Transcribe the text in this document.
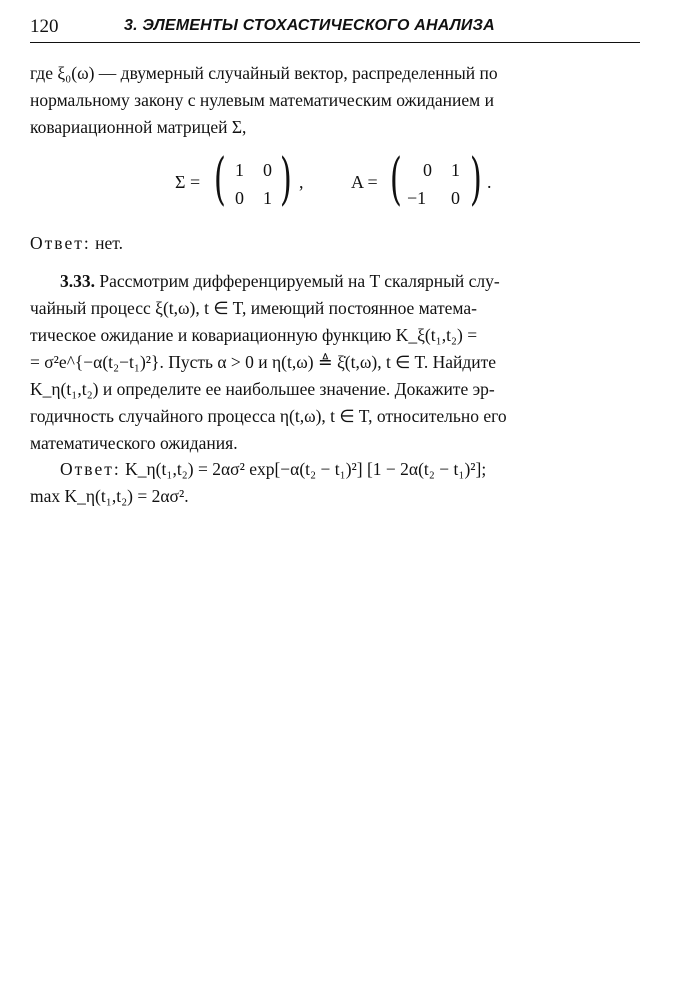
120	3. ЭЛЕМЕНТЫ СТОХАСТИЧЕСКОГО АНАЛИЗА
где ξ₀(ω) — двумерный случайный вектор, распределенный по
нормальному закону с нулевым математическим ожиданием и
ковариационной матрицей Σ,
Σ = ( 1 0
0 1 ) ,	A = ( 0 1
−1 0 ) .
Ответ: нет.
3.33. Рассмотрим дифференцируемый на T скалярный слу-
чайный процесс ξ(t,ω), t ∈ T, имеющий постоянное матема-
тическое ожидание и ковариационную функцию K_ξ(t₁,t₂) =
= σ²e^{−α(t₂−t₁)²}. Пусть α > 0 и η(t,ω) ≜ ξ̇(t,ω), t ∈ T. Найдите
K_η(t₁,t₂) и определите ее наибольшее значение. Докажите эр-
годичность случайного процесса η(t,ω), t ∈ T, относительно его
математического ожидания.
Ответ: K_η(t₁,t₂) = 2ασ² exp[−α(t₂ − t₁)²] [1 − 2α(t₂ − t₁)²];
max K_η(t₁,t₂) = 2ασ².
